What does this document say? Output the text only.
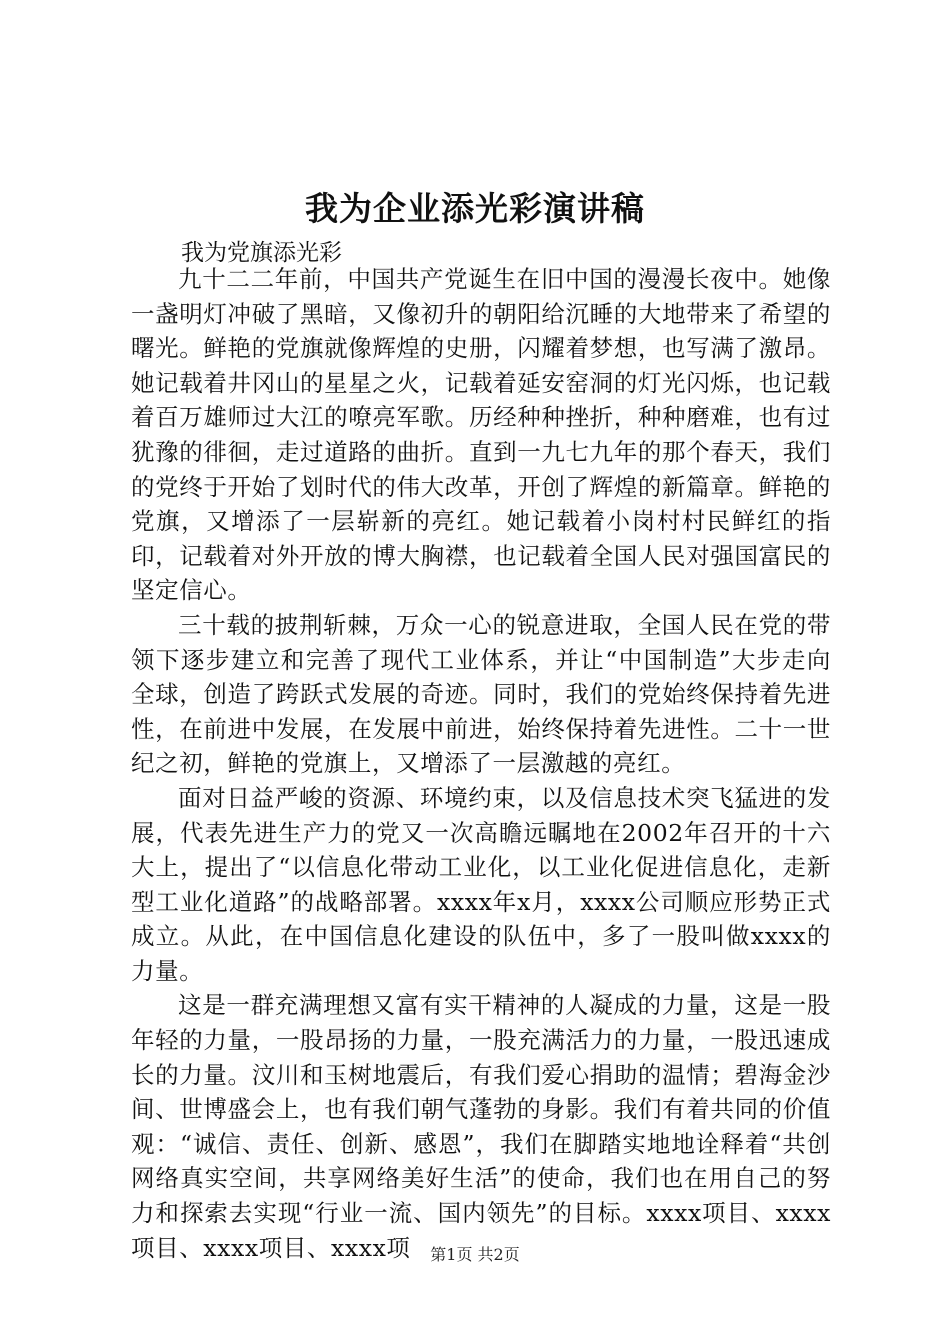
我为企业添光彩演讲稿
我为党旗添光彩

九十二二年前，中国共产党诞生在旧中国的漫漫长夜中。她像一盏明灯冲破了黑暗，又像初升的朝阳给沉睡的大地带来了希望的曙光。鲜艳的党旗就像辉煌的史册，闪耀着梦想，也写满了激昂。她记载着井冈山的星星之火，记载着延安窑洞的灯光闪烁，也记载着百万雄师过大江的嘹亮军歌。历经种种挫折，种种磨难，也有过犹豫的徘徊，走过道路的曲折。直到一九七九年的那个春天，我们的党终于开始了划时代的伟大改革，开创了辉煌的新篇章。鲜艳的党旗，又增添了一层崭新的亮红。她记载着小岗村村民鲜红的指印，记载着对外开放的博大胸襟，也记载着全国人民对强国富民的坚定信心。

三十载的披荆斩棘，万众一心的锐意进取，全国人民在党的带领下逐步建立和完善了现代工业体系，并让“中国制造”大步走向全球，创造了跨跃式发展的奇迹。同时，我们的党始终保持着先进性，在前进中发展，在发展中前进，始终保持着先进性。二十一世纪之初，鲜艳的党旗上，又增添了一层激越的亮红。

面对日益严峻的资源、环境约束，以及信息技术突飞猛进的发展，代表先进生产力的党又一次高瞻远瞩地在2002年召开的十六大上，提出了“以信息化带动工业化，以工业化促进信息化，走新型工业化道路”的战略部署。xxxx年x月，xxxx公司顺应形势正式成立。从此，在中国信息化建设的队伍中，多了一股叫做xxxx的力量。

这是一群充满理想又富有实干精神的人凝成的力量，这是一股年轻的力量，一股昂扬的力量，一股充满活力的力量，一股迅速成长的力量。汶川和玉树地震后，有我们爱心捐助的温情；碧海金沙间、世博盛会上，也有我们朝气蓬勃的身影。我们有着共同的价值观：“诚信、责任、创新、感恩”，我们在脚踏实地地诠释着“共创网络真实空间，共享网络美好生活”的使命，我们也在用自己的努力和探索去实现“行业一流、国内领先”的目标。xxxx项目、xxxx项目、xxxx项目、xxxx项	第1页 共2页
